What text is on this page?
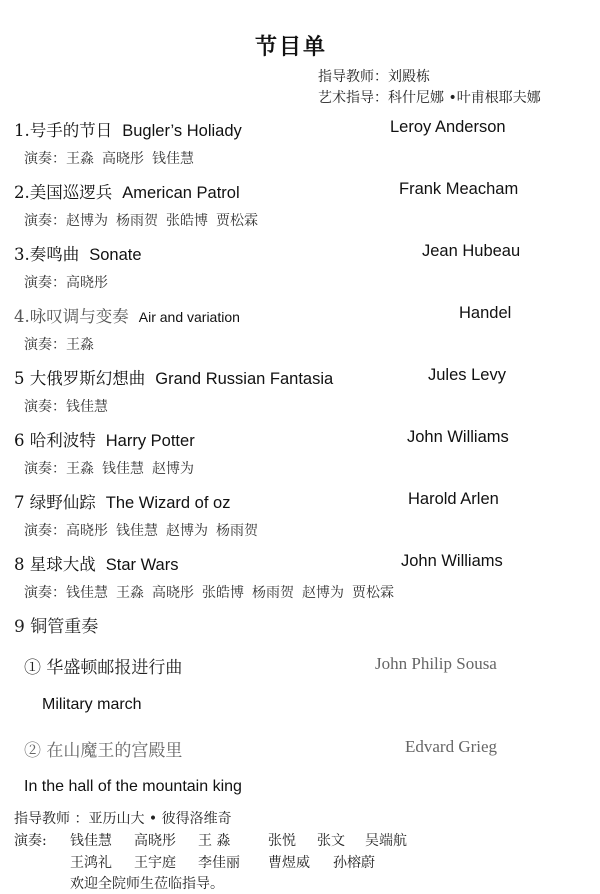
节目单
指导教师：刘殿栋
艺术指导：科什尼娜 •叶甫根耶夫娜
1.号手的节日 Bugler’s Holiady	Leroy Anderson
演奏：王淼 高晓彤 钱佳慧
2.美国巡逻兵 American Patrol	Frank Meacham
演奏：赵博为 杨雨贺 张皓博 贾松霖
3.奏鸣曲 Sonate	Jean Hubeau
演奏：高晓彤
4.咏叹调与变奏 Air and variation	Handel
演奏：王淼
5 大俄罗斯幻想曲 Grand Russian Fantasia	Jules Levy
演奏：钱佳慧
6 哈利波特 Harry Potter	John Williams
演奏：王淼 钱佳慧 赵博为
7 绿野仙踪 The Wizard of oz	Harold Arlen
演奏：高晓彤 钱佳慧 赵博为 杨雨贺
8 星球大战 Star Wars	John Williams
演奏：钱佳慧 王淼 高晓彤 张皓博 杨雨贺 赵博为 贾松霖
9 铜管重奏
① 华盛顿邮报进行曲	John Philip Sousa
Military march
② 在山魔王的宫殿里	Edvard Grieg
In the hall of the mountain king
指导教师 ：亚历山大 • 彼得洛维奇
演奏: 钱佳慧 高晓彤 王 淼	张悦 张文 吴端航
王鸿礼 王宇庭 李佳丽 曹煜威 孙榕蔚
欢迎全院师生莅临指导。
